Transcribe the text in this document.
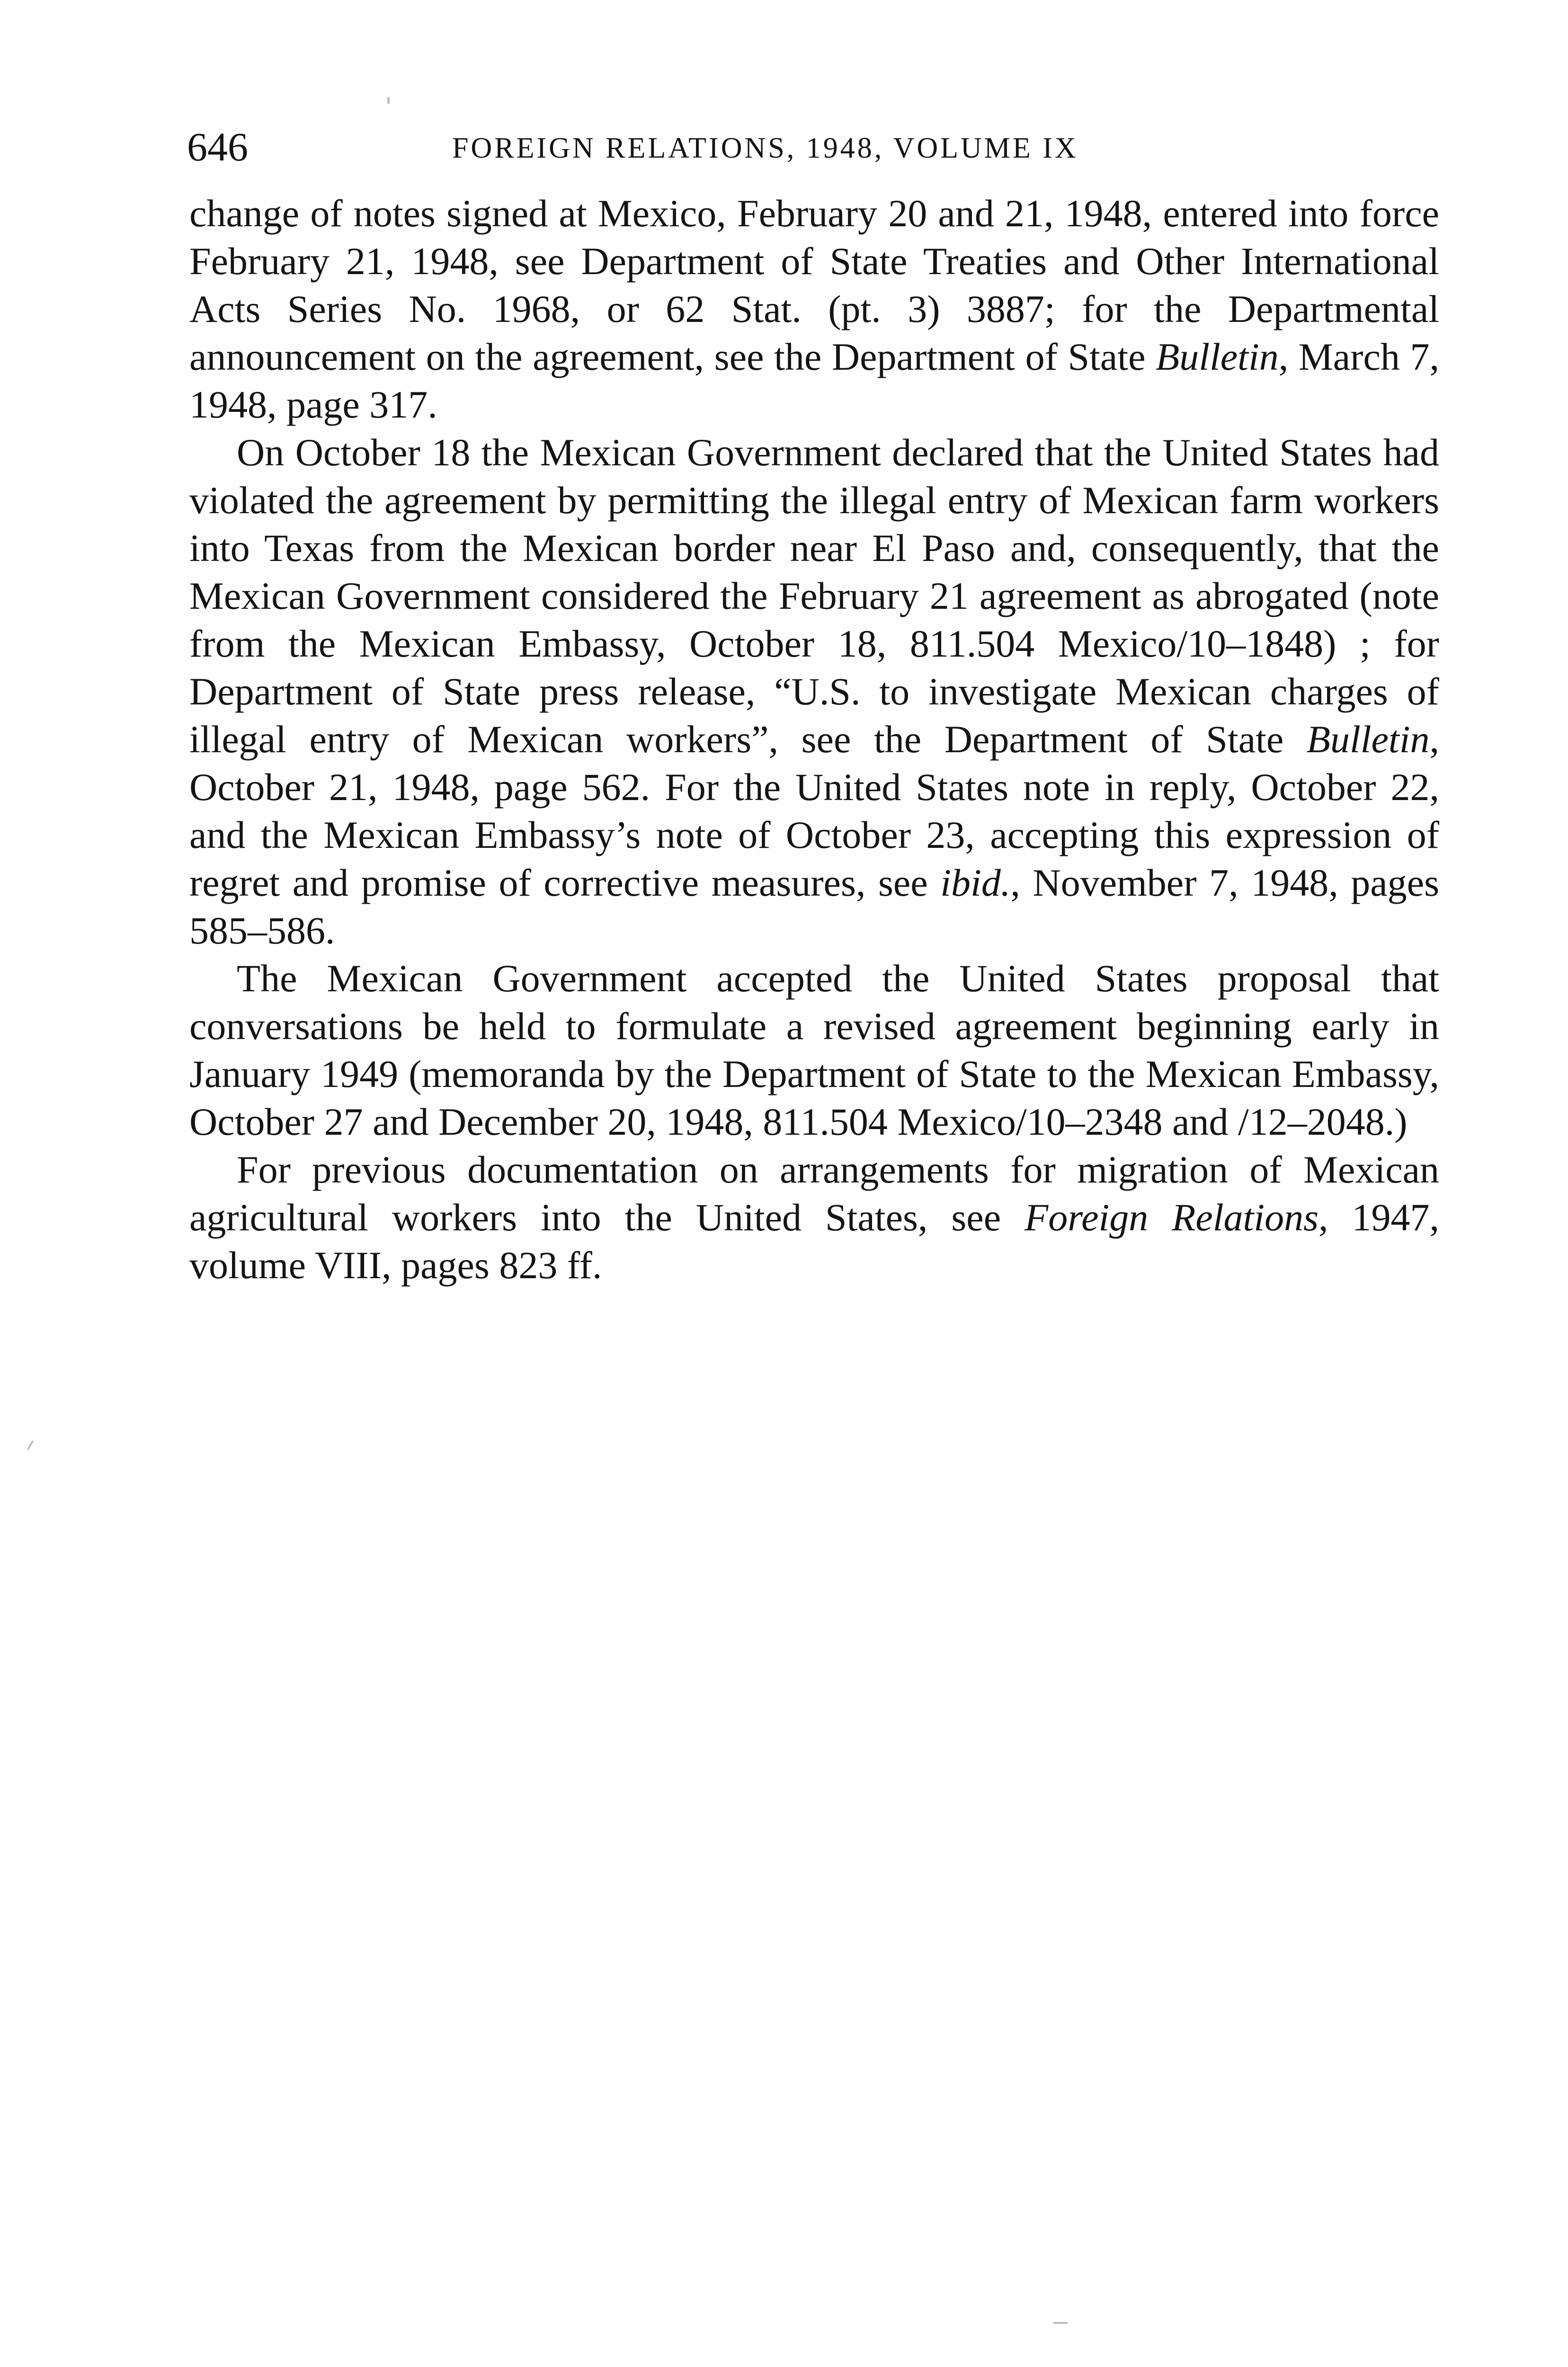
646	FOREIGN RELATIONS, 1948, VOLUME IX

change of notes signed at Mexico, February 20 and 21, 1948, entered into force February 21, 1948, see Department of State Treaties and Other International Acts Series No. 1968, or 62 Stat. (pt. 3) 3887; for the Departmental announcement on the agreement, see the Department of State Bulletin, March 7, 1948, page 317.

On October 18 the Mexican Government declared that the United States had violated the agreement by permitting the illegal entry of Mexican farm workers into Texas from the Mexican border near El Paso and, consequently, that the Mexican Government considered the February 21 agreement as abrogated (note from the Mexican Embassy, October 18, 811.504 Mexico/10–1848) ; for Department of State press release, “U.S. to investigate Mexican charges of illegal entry of Mexican workers”, see the Department of State Bulletin, October 21, 1948, page 562. For the United States note in reply, October 22, and the Mexican Embassy’s note of October 23, accepting this expression of regret and promise of corrective measures, see ibid., November 7, 1948, pages 585–586.

The Mexican Government accepted the United States proposal that conversations be held to formulate a revised agreement beginning early in January 1949 (memoranda by the Department of State to the Mexican Embassy, October 27 and December 20, 1948, 811.504 Mexico/10–2348 and /12–2048.)

For previous documentation on arrangements for migration of Mexican agricultural workers into the United States, see Foreign Relations, 1947, volume VIII, pages 823 ff.
